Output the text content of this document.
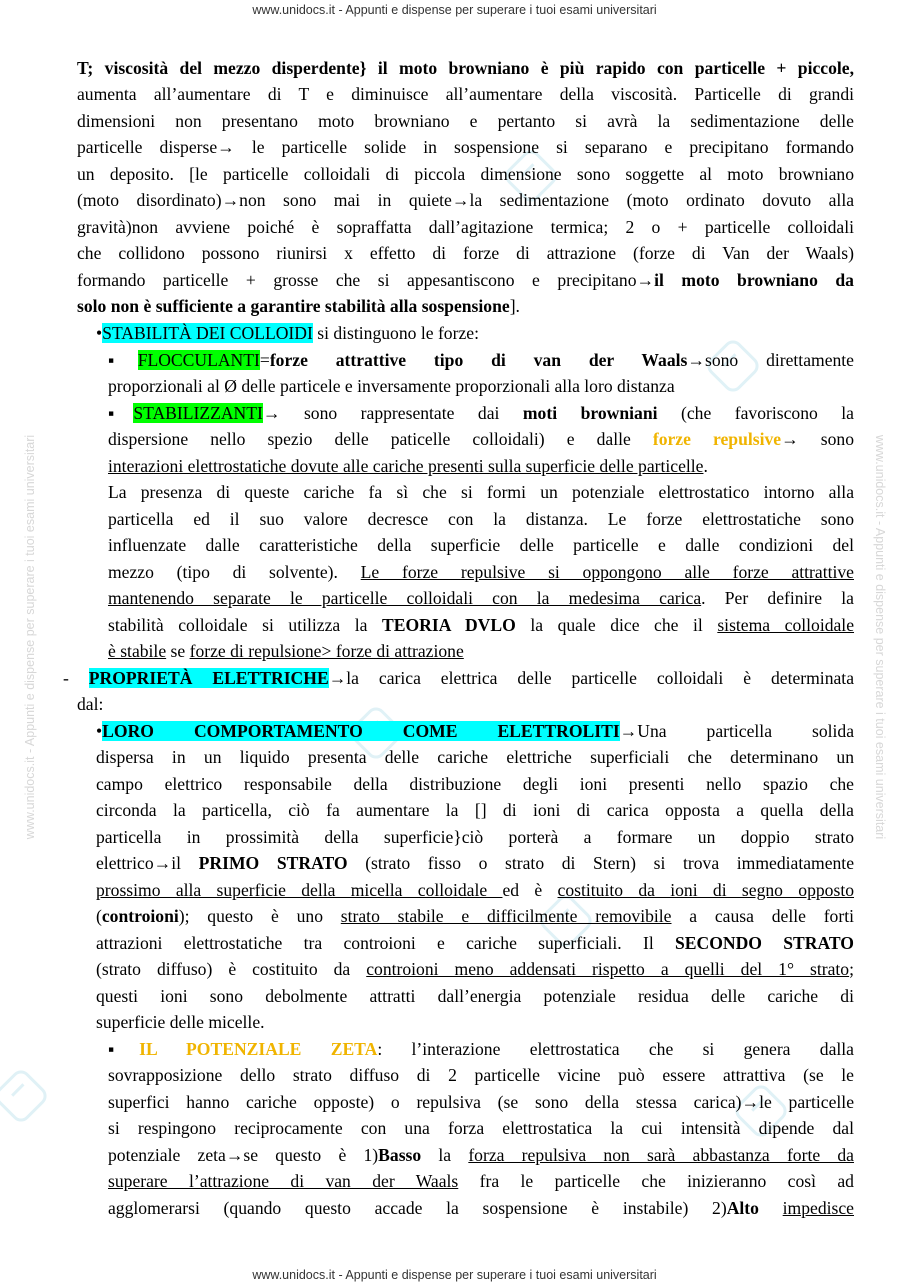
www.unidocs.it - Appunti e dispense per superare i tuoi esami universitari
www.unidocs.it - Appunti e dispense per superare i tuoi esami universitari
www.unidocs.it - Appunti e dispense per superare i tuoi esami universitari	www.unidocs.it - Appunti e dispense per superare i tuoi esami universitari
T; viscosità del mezzo disperdente} il moto browniano è più rapido con particelle + piccole,
aumenta all’aumentare di T e diminuisce all’aumentare della viscosità. Particelle di grandi
dimensioni non presentano moto browniano e pertanto si avrà la sedimentazione delle
particelle disperse→ le particelle solide in sospensione si separano e precipitano formando
un deposito. [le particelle colloidali di piccola dimensione sono soggette al moto browniano
(moto disordinato)→non sono mai in quiete→la sedimentazione (moto ordinato dovuto alla
gravità)non avviene poiché è sopraffatta dall’agitazione termica; 2 o + particelle colloidali
che collidono possono riunirsi x effetto di forze di attrazione (forze di Van der Waals)
formando particelle + grosse che si appesantiscono e precipitano→il moto browniano da
solo non è sufficiente a garantire stabilità alla sospensione].
•STABILITÀ DEI COLLOIDI si distinguono le forze:
▪FLOCCULANTI=forze attrattive tipo di van der Waals→sono direttamente
proporzionali al Ø delle particele e inversamente proporzionali alla loro distanza
▪STABILIZZANTI→ sono rappresentate dai moti browniani (che favoriscono la
dispersione nello spezio delle paticelle colloidali) e dalle forze repulsive→ sono
interazioni elettrostatiche dovute alle cariche presenti sulla superficie delle particelle.
La presenza di queste cariche fa sì che si formi un potenziale elettrostatico intorno alla
particella ed il suo valore decresce con la distanza. Le forze elettrostatiche sono
influenzate dalle caratteristiche della superficie delle particelle e dalle condizioni del
mezzo (tipo di solvente). Le forze repulsive si oppongono alle forze attrattive
mantenendo separate le particelle colloidali con la medesima carica. Per definire la
stabilità colloidale si utilizza la TEORIA DVLO la quale dice che il sistema colloidale
è stabile se forze di repulsione> forze di attrazione
- PROPRIETÀ ELETTRICHE→la carica elettrica delle particelle colloidali è determinata
dal:
•LORO COMPORTAMENTO COME ELETTROLITI→Una particella solida
dispersa in un liquido presenta delle cariche elettriche superficiali che determinano un
campo elettrico responsabile della distribuzione degli ioni presenti nello spazio che
circonda la particella, ciò fa aumentare la [] di ioni di carica opposta a quella della
particella in prossimità della superficie}ciò porterà a formare un doppio strato
elettrico→il PRIMO STRATO (strato fisso o strato di Stern) si trova immediatamente
prossimo alla superficie della micella colloidale ed è costituito da ioni di segno opposto
(controioni); questo è uno strato stabile e difficilmente removibile a causa delle forti
attrazioni elettrostatiche tra controioni e cariche superficiali. Il SECONDO STRATO
(strato diffuso) è costituito da controioni meno addensati rispetto a quelli del 1° strato;
questi ioni sono debolmente attratti dall’energia potenziale residua delle cariche di
superficie delle micelle.
▪IL POTENZIALE ZETA: l’interazione elettrostatica che si genera dalla
sovrapposizione dello strato diffuso di 2 particelle vicine può essere attrattiva (se le
superfici hanno cariche opposte) o repulsiva (se sono della stessa carica)→le particelle
si respingono reciprocamente con una forza elettrostatica la cui intensità dipende dal
potenziale zeta→se questo è 1)Basso la forza repulsiva non sarà abbastanza forte da
superare l’attrazione di van der Waals fra le particelle che inizieranno così ad
agglomerarsi (quando questo accade la sospensione è instabile) 2)Alto impedisce
